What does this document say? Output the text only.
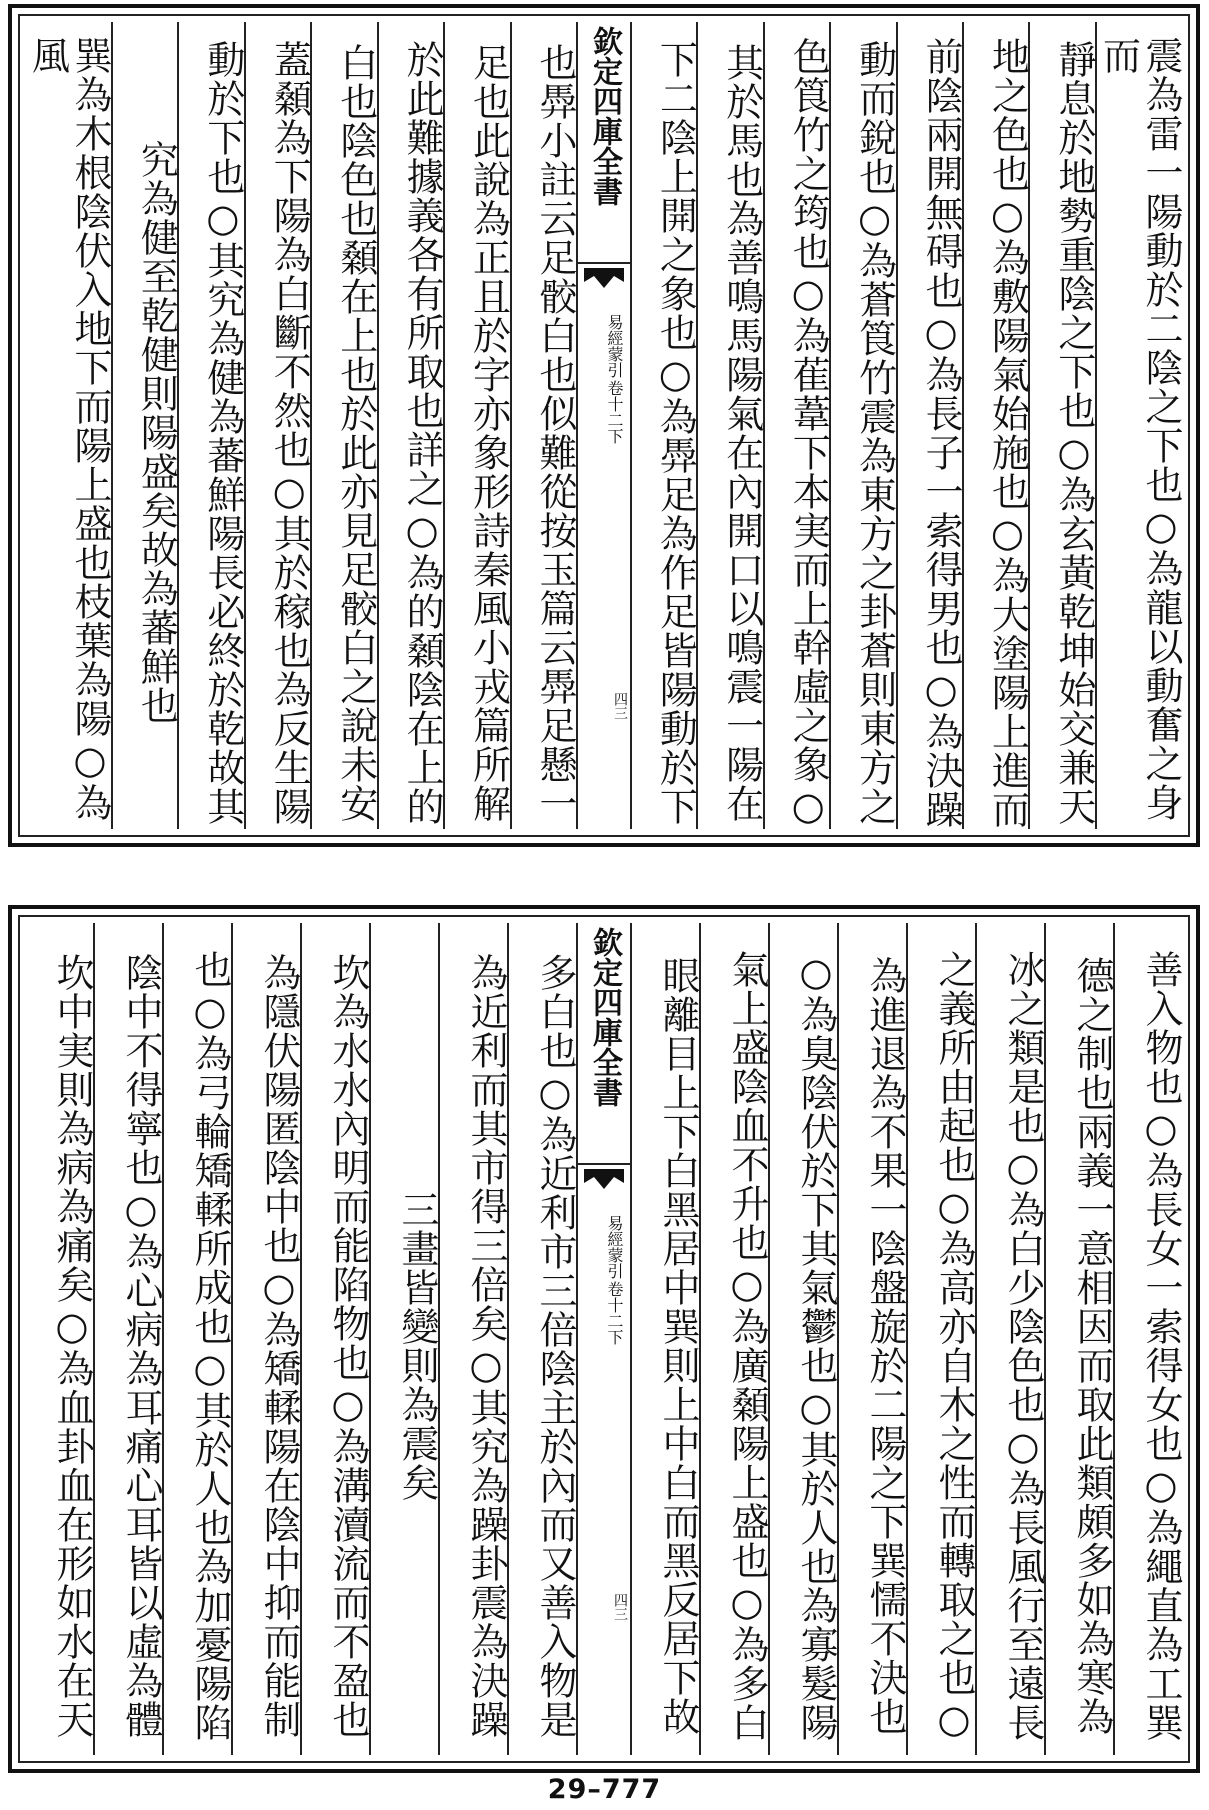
震為雷一陽動於二陰之下也○為龍以動奮之身而
靜息於地勢重陰之下也○為玄黃乾坤始交兼天
地之色也○為敷陽氣始施也○為大塗陽上進而
前陰兩開無碍也○為長子一索得男也○為決躁
動而銳也○為蒼筤竹震為東方之卦蒼則東方之
色筤竹之筠也○為萑葦下本実而上幹虛之象○
其於馬也為善鳴馬陽氣在內開口以鳴震一陽在
下二陰上開之象也○為馵足為作足皆陽動於下
欽定四庫全書
易經蒙引
卷十二下
四三
也馵小註云足骹白也似難從按玉篇云馵足懸一
足也此說為正且於字亦象形詩秦風小戎篇所解
於此難據義各有所取也詳之○為的顙陰在上的
白也陰色也顙在上也於此亦見足骹白之說未安
蓋顙為下陽為白斷不然也○其於稼也為反生陽
動於下也○其究為健為蕃鮮陽長必終於乾故其
究為健至乾健則陽盛矣故為蕃鮮也
巽為木根陰伏入地下而陽上盛也枝葉為陽○為風
善入物也○為長女一索得女也○為繩直為工巽
德之制也兩義一意相因而取此類頗多如為寒為
冰之類是也○為白少陰色也○為長風行至遠長
之義所由起也○為高亦自木之性而轉取之也○
為進退為不果一陰盤旋於二陽之下巽懦不決也
○為臭陰伏於下其氣鬱也○其於人也為寡髮陽
氣上盛陰血不升也○為廣顙陽上盛也○為多白
眼離目上下白黑居中巽則上中白而黑反居下故
欽定四庫全書
易經蒙引
卷十二下
四三
多白也○為近利市三倍陰主於內而又善入物是
為近利而其市得三倍矣○其究為躁卦震為決躁
三畫皆變則為震矣
坎為水水內明而能陷物也○為溝瀆流而不盈也
為隱伏陽匿陰中也○為矯輮陽在陰中抑而能制
也○為弓輪矯輮所成也○其於人也為加憂陽陷
陰中不得寧也○為心病為耳痛心耳皆以虛為體
坎中実則為病為痛矣○為血卦血在形如水在天
29–777
